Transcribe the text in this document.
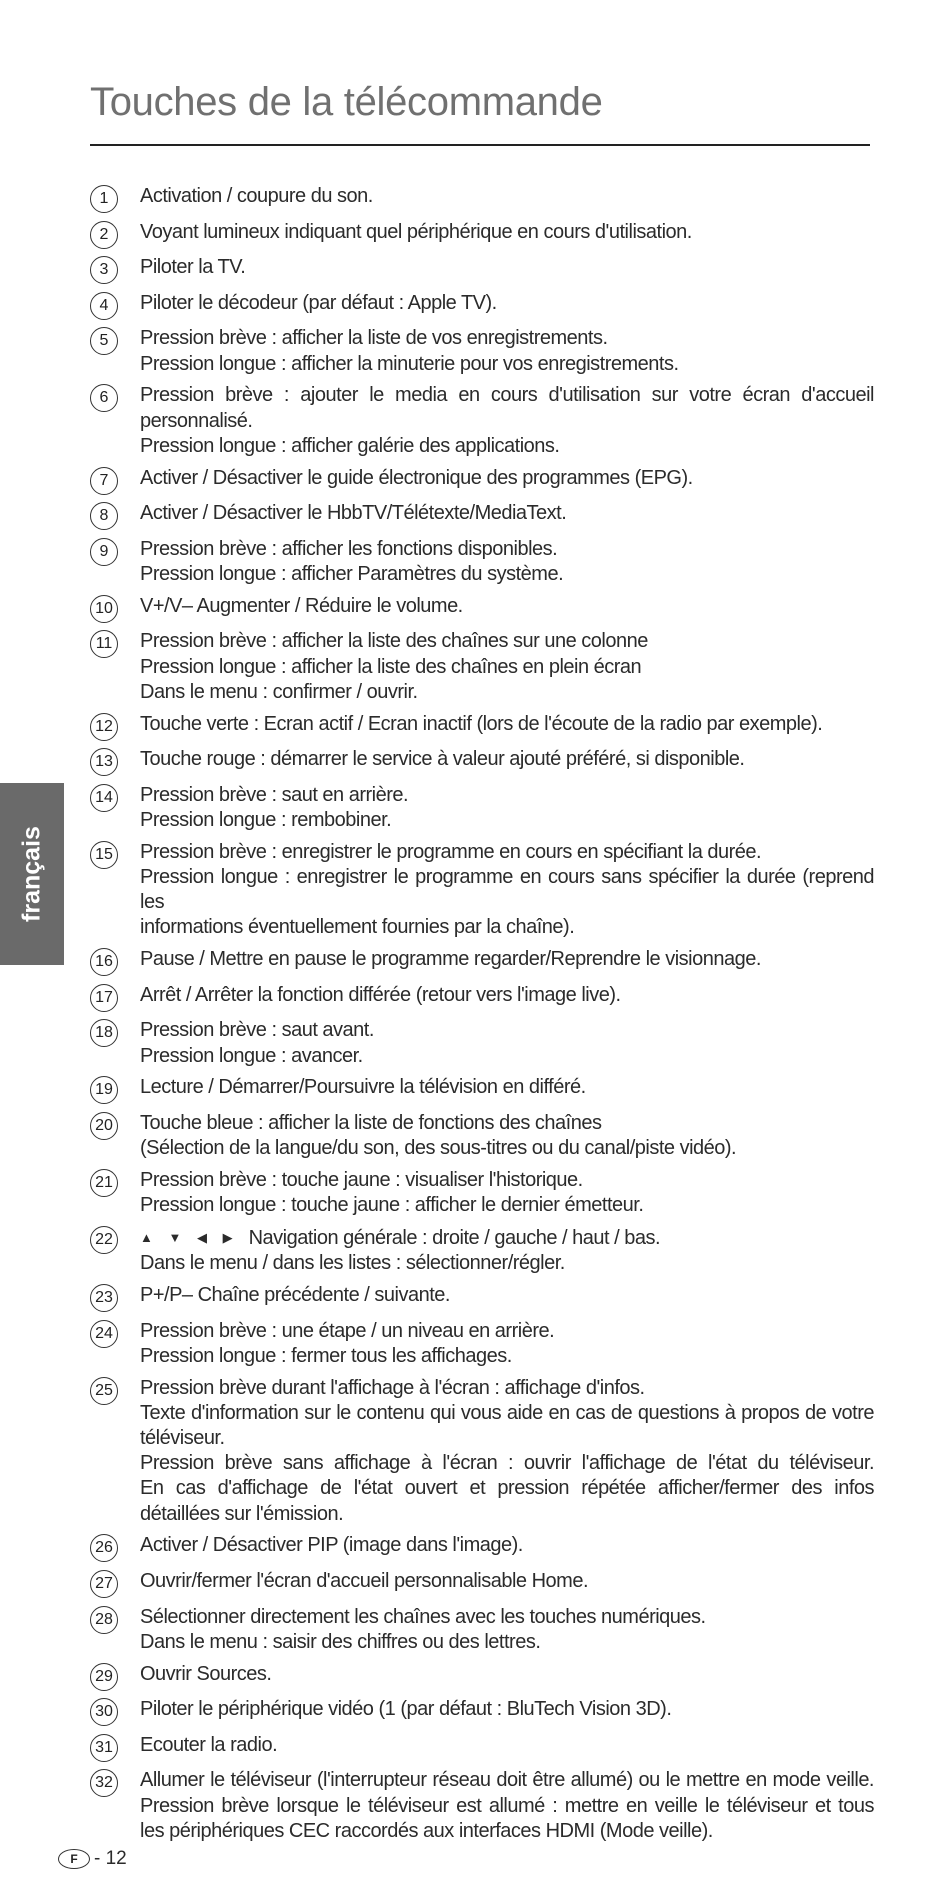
Touches de la télécommande
français
1	Activation / coupure du son.
2	Voyant lumineux indiquant quel périphérique en cours d'utilisation.
3	Piloter la TV.
4	Piloter le décodeur (par défaut : Apple TV).
5	Pression brève : afficher la liste de vos enregistrements.
Pression longue : afficher la minuterie pour vos enregistrements.
6	Pression brève : ajouter le media en cours d'utilisation sur votre écran d'accueil
personnalisé.
Pression longue : afficher galérie des applications.
7	Activer / Désactiver le guide électronique des programmes (EPG).
8	Activer / Désactiver le HbbTV/Télétexte/MediaText.
9	Pression brève : afficher les fonctions disponibles.
Pression longue : afficher Paramètres du système.
10 V+/V– Augmenter / Réduire le volume.
11 Pression brève : afficher la liste des chaînes sur une colonne
Pression longue : afficher la liste des chaînes en plein écran
Dans le menu : confirmer / ouvrir.
12 Touche verte : Ecran actif / Ecran inactif (lors de l'écoute de la radio par exemple).
13 Touche rouge : démarrer le service à valeur ajouté préféré, si disponible.
14 Pression brève : saut en arrière.
Pression longue : rembobiner.
15 Pression brève : enregistrer le programme en cours en spécifiant la durée.
Pression longue : enregistrer le programme en cours sans spécifier la durée (reprend les
informations éventuellement fournies par la chaîne).
16 Pause / Mettre en pause le programme regarder/Reprendre le visionnage.
17 Arrêt / Arrêter la fonction différée (retour vers l'image live).
18 Pression brève : saut avant.
Pression longue : avancer.
19 Lecture / Démarrer/Poursuivre la télévision en différé.
20 Touche bleue : afficher la liste de fonctions des chaînes
(Sélection de la langue/du son, des sous-titres ou du canal/piste vidéo).
21 Pression brève : touche jaune : visualiser l'historique.
Pression longue : touche jaune : afficher le dernier émetteur.
22	▲ ▼ ◀ ▶ Navigation générale : droite / gauche / haut / bas.
Dans le menu / dans les listes : sélectionner/régler.
23 P+/P– Chaîne précédente / suivante.
24 Pression brève : une étape / un niveau en arrière.
Pression longue : fermer tous les affichages.
25 Pression brève durant l'affichage à l'écran : affichage d'infos.
Texte d'information sur le contenu qui vous aide en cas de questions à propos de votre
téléviseur.
Pression brève sans affichage à l'écran : ouvrir l'affichage de l'état du téléviseur.
En cas d'affichage de l'état ouvert et pression répétée afficher/fermer des infos
détaillées sur l'émission.
26 Activer / Désactiver PIP (image dans l'image).
27 Ouvrir/fermer l'écran d'accueil personnalisable Home.
28 Sélectionner directement les chaînes avec les touches numériques.
Dans le menu : saisir des chiffres ou des lettres.
29 Ouvrir Sources.
30 Piloter le périphérique vidéo (1 (par défaut : BluTech Vision 3D).
31 Ecouter la radio.
32 Allumer le téléviseur (l'interrupteur réseau doit être allumé) ou le mettre en mode veille.
Pression brève lorsque le téléviseur est allumé : mettre en veille le téléviseur et tous
les périphériques CEC raccordés aux interfaces HDMI (Mode veille).
F - 12
